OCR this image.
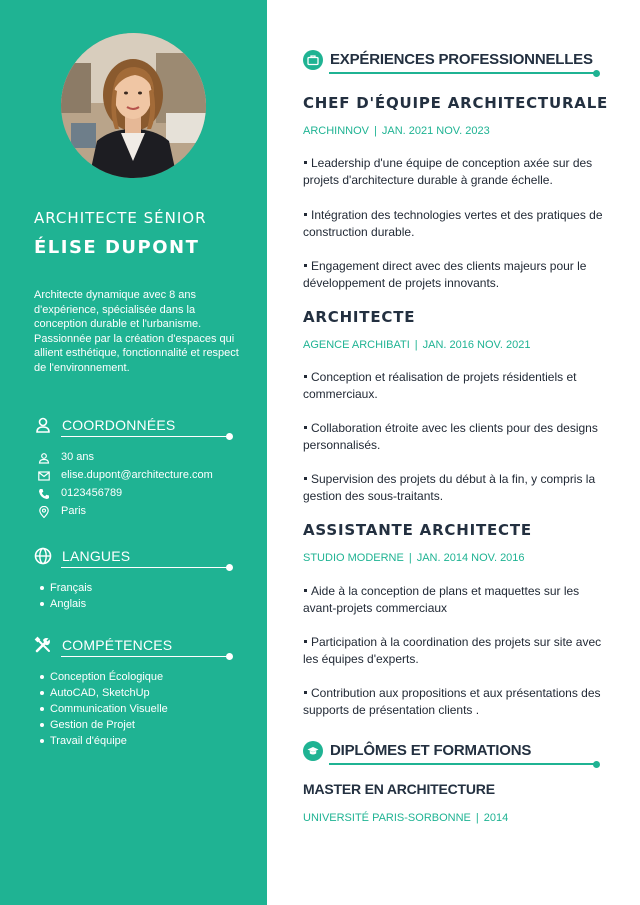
ARCHITECTE SÉNIOR
ÉLISE DUPONT
Architecte dynamique avec 8 ans d'expérience, spécialisée dans la conception durable et l'urbanisme. Passionnée par la création d'espaces qui allient esthétique, fonctionnalité et respect de l'environnement.
COORDONNÉES
30 ans
elise.dupont@architecture.com
0123456789
Paris
LANGUES
Français
Anglais
COMPÉTENCES
Conception Écologique
AutoCAD, SketchUp
Communication Visuelle
Gestion de Projet
Travail d'équipe
EXPÉRIENCES PROFESSIONNELLES
CHEF D'ÉQUIPE ARCHITECTURALE
ARCHINNOV | JAN. 2021 NOV. 2023
Leadership d'une équipe de conception axée sur des projets d'architecture durable à grande échelle.
Intégration des technologies vertes et des pratiques de construction durable.
Engagement direct avec des clients majeurs pour le développement de projets innovants.
ARCHITECTE
AGENCE ARCHIBATI | JAN. 2016 NOV. 2021
Conception et réalisation de projets résidentiels et commerciaux.
Collaboration étroite avec les clients pour des designs personnalisés.
Supervision des projets du début à la fin, y compris la gestion des sous-traitants.
ASSISTANTE ARCHITECTE
STUDIO MODERNE | JAN. 2014 NOV. 2016
Aide à la conception de plans et maquettes sur les avant-projets commerciaux
Participation à la coordination des projets sur site avec les équipes d'experts.
Contribution aux propositions et aux présentations des supports de présentation clients .
DIPLÔMES ET FORMATIONS
MASTER EN ARCHITECTURE
UNIVERSITÉ PARIS-SORBONNE | 2014
